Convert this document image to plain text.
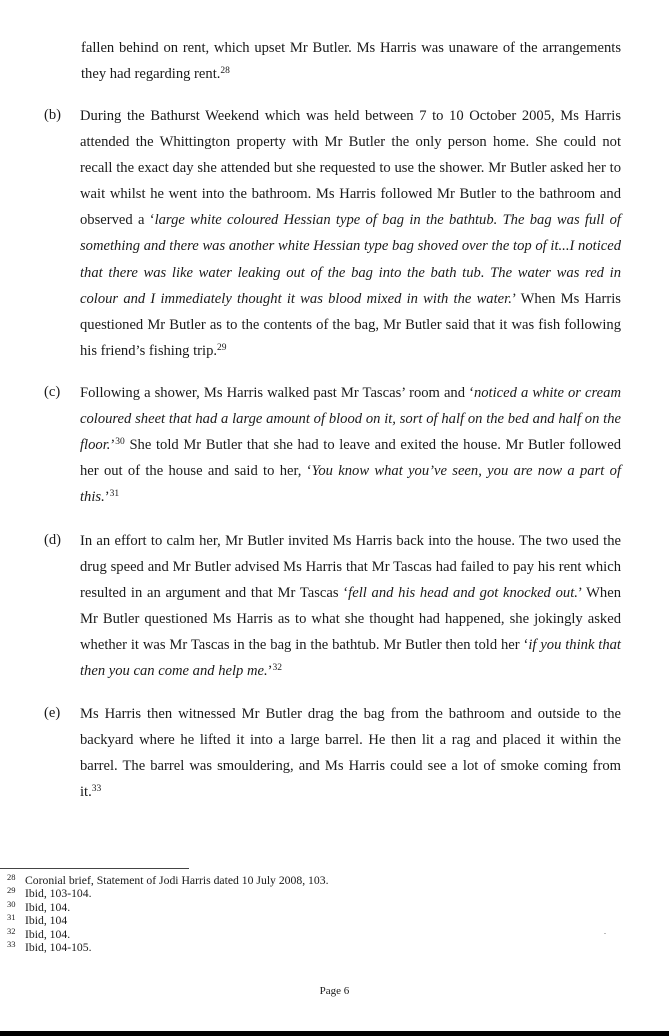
fallen behind on rent, which upset Mr Butler. Ms Harris was unaware of the arrangements they had regarding rent.$^{28}$

(b) During the Bathurst Weekend which was held between 7 to 10 October 2005, Ms Harris attended the Whittington property with Mr Butler the only person home. She could not recall the exact day she attended but she requested to use the shower. Mr Butler asked her to wait whilst he went into the bathroom. Ms Harris followed Mr Butler to the bathroom and observed a ‘large white coloured Hessian type of bag in the bathtub. The bag was full of something and there was another white Hessian type bag shoved over the top of it...I noticed that there was like water leaking out of the bag into the bath tub. The water was red in colour and I immediately thought it was blood mixed in with the water.’ When Ms Harris questioned Mr Butler as to the contents of the bag, Mr Butler said that it was fish following his friend’s fishing trip.$^{29}$

(c) Following a shower, Ms Harris walked past Mr Tascas’ room and ‘noticed a white or cream coloured sheet that had a large amount of blood on it, sort of half on the bed and half on the floor.’$^{30}$ She told Mr Butler that she had to leave and exited the house. Mr Butler followed her out of the house and said to her, ‘You know what you’ve seen, you are now a part of this.’$^{31}$

(d) In an effort to calm her, Mr Butler invited Ms Harris back into the house. The two used the drug speed and Mr Butler advised Ms Harris that Mr Tascas had failed to pay his rent which resulted in an argument and that Mr Tascas ‘fell and his head and got knocked out.’ When Mr Butler questioned Ms Harris as to what she thought had happened, she jokingly asked whether it was Mr Tascas in the bag in the bathtub. Mr Butler then told her ‘if you think that then you can come and help me.’$^{32}$

(e) Ms Harris then witnessed Mr Butler drag the bag from the bathroom and outside to the backyard where he lifted it into a large barrel. He then lit a rag and placed it within the barrel. The barrel was smouldering, and Ms Harris could see a lot of smoke coming from it.$^{33}$

28 Coronial brief, Statement of Jodi Harris dated 10 July 2008, 103.
29 Ibid, 103-104.
30 Ibid, 104.
31 Ibid, 104
32 Ibid, 104.
33 Ibid, 104-105.
Page 6
